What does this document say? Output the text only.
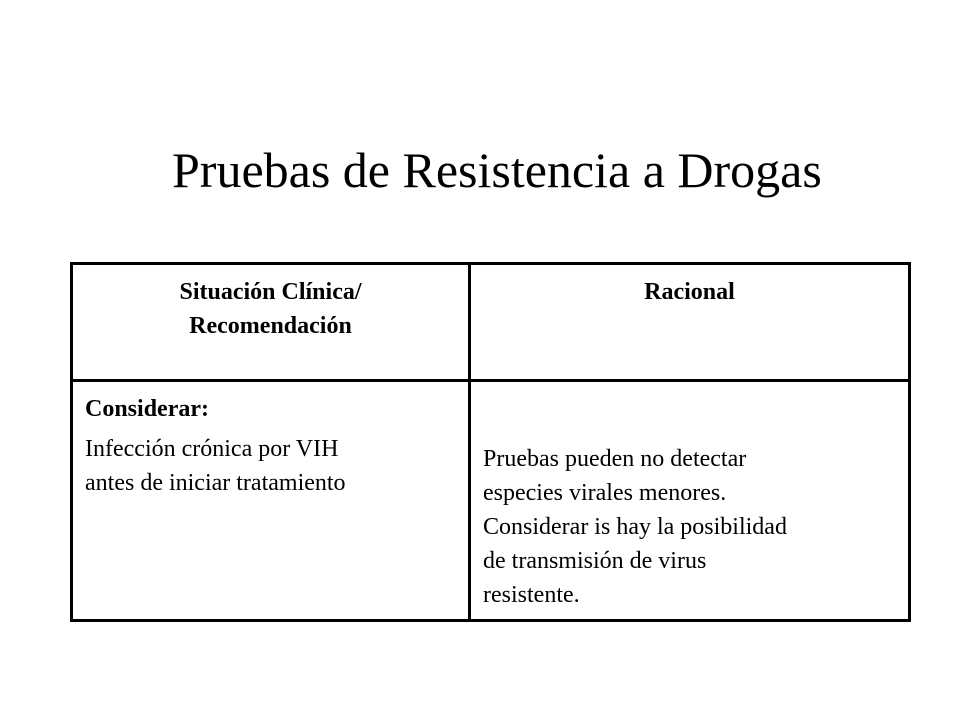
Pruebas de Resistencia a Drogas
Situación Clínica/
Recomendación	Racional

Considerar:
Infección crónica por VIH
antes de iniciar tratamiento	Pruebas pueden no detectar
especies virales menores.
Considerar is hay la posibilidad
de transmisión de virus
resistente.
